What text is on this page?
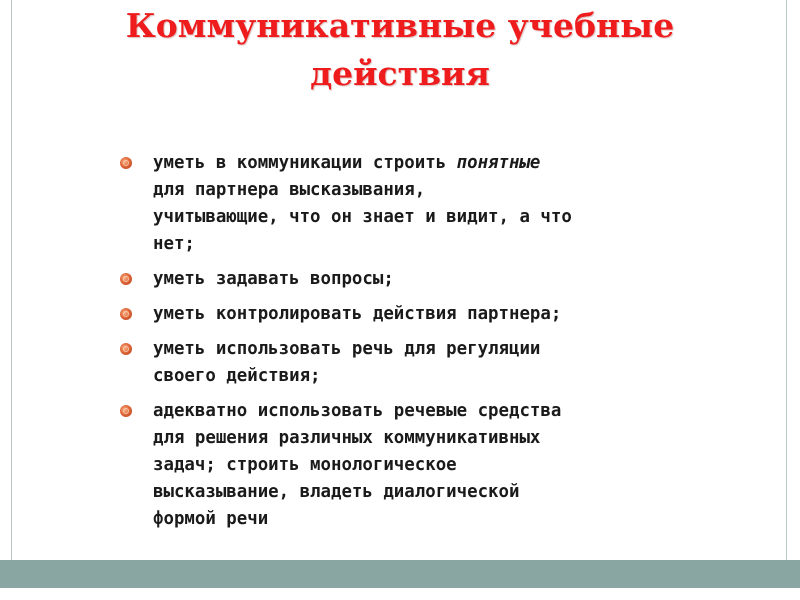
Коммуникативные учебные
действия
уметь в коммуникации строить понятные
для партнера высказывания,
учитывающие, что он знает и видит, а что
нет;
уметь задавать вопросы;
уметь контролировать действия партнера;
уметь использовать речь для регуляции
своего действия;
адекватно использовать речевые средства
для решения различных коммуникативных
задач; строить монологическое
высказывание, владеть диалогической
формой речи
